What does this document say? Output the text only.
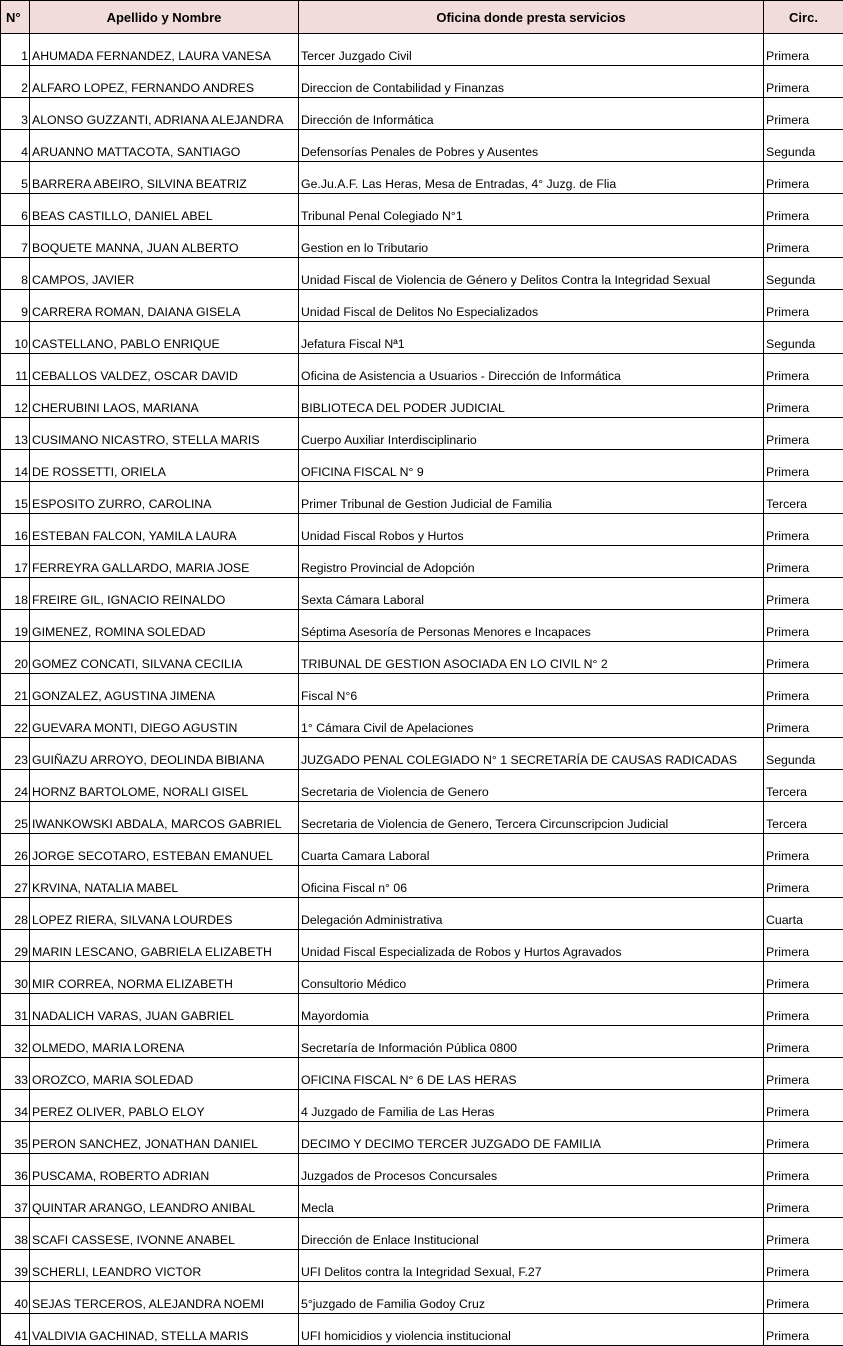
N°	Apellido y Nombre	Oficina donde presta servicios	Circ.
1	AHUMADA FERNANDEZ, LAURA VANESA	Tercer Juzgado Civil	Primera
2	ALFARO LOPEZ, FERNANDO ANDRES	Direccion de Contabilidad y Finanzas	Primera
3	ALONSO GUZZANTI, ADRIANA ALEJANDRA	Dirección de Informática	Primera
4	ARUANNO MATTACOTA, SANTIAGO	Defensorías Penales de Pobres y Ausentes	Segunda
5	BARRERA ABEIRO, SILVINA BEATRIZ	Ge.Ju.A.F. Las Heras, Mesa de Entradas, 4° Juzg. de Flia	Primera
6	BEAS CASTILLO, DANIEL ABEL	Tribunal Penal Colegiado N°1	Primera
7	BOQUETE MANNA, JUAN ALBERTO	Gestion en lo Tributario	Primera
8	CAMPOS, JAVIER	Unidad Fiscal de Violencia de Género y Delitos Contra la Integridad Sexual	Segunda
9	CARRERA ROMAN, DAIANA GISELA	Unidad Fiscal de Delitos No Especializados	Primera
10	CASTELLANO, PABLO ENRIQUE	Jefatura Fiscal Nª1	Segunda
11	CEBALLOS VALDEZ, OSCAR DAVID	Oficina de Asistencia a Usuarios - Dirección de Informática	Primera
12	CHERUBINI LAOS, MARIANA	BIBLIOTECA DEL PODER JUDICIAL	Primera
13	CUSIMANO NICASTRO, STELLA MARIS	Cuerpo Auxiliar Interdisciplinario	Primera
14	DE ROSSETTI, ORIELA	OFICINA FISCAL N° 9	Primera
15	ESPOSITO ZURRO, CAROLINA	Primer Tribunal de Gestion Judicial de Familia	Tercera
16	ESTEBAN FALCON, YAMILA LAURA	Unidad Fiscal Robos y Hurtos	Primera
17	FERREYRA GALLARDO, MARIA JOSE	Registro Provincial de Adopción	Primera
18	FREIRE GIL, IGNACIO REINALDO	Sexta Cámara Laboral	Primera
19	GIMENEZ, ROMINA SOLEDAD	Séptima Asesoría de Personas Menores e Incapaces	Primera
20	GOMEZ CONCATI, SILVANA CECILIA	TRIBUNAL DE GESTION ASOCIADA EN LO CIVIL N° 2	Primera
21	GONZALEZ, AGUSTINA JIMENA	Fiscal N°6	Primera
22	GUEVARA MONTI, DIEGO AGUSTIN	1° Cámara Civil de Apelaciones	Primera
23	GUIÑAZU ARROYO, DEOLINDA BIBIANA	JUZGADO PENAL COLEGIADO N° 1 SECRETARÍA DE CAUSAS RADICADAS	Segunda
24	HORNZ BARTOLOME, NORALI GISEL	Secretaria de Violencia de Genero	Tercera
25	IWANKOWSKI ABDALA, MARCOS GABRIEL	Secretaria de Violencia de Genero, Tercera Circunscripcion Judicial	Tercera
26	JORGE SECOTARO, ESTEBAN EMANUEL	Cuarta Camara Laboral	Primera
27	KRVINA, NATALIA MABEL	Oficina Fiscal n° 06	Primera
28	LOPEZ RIERA, SILVANA LOURDES	Delegación Administrativa	Cuarta
29	MARIN LESCANO, GABRIELA ELIZABETH	Unidad Fiscal Especializada de Robos y Hurtos Agravados	Primera
30	MIR CORREA, NORMA ELIZABETH	Consultorio Médico	Primera
31	NADALICH VARAS, JUAN GABRIEL	Mayordomia	Primera
32	OLMEDO, MARIA LORENA	Secretaría de Información Pública 0800	Primera
33	OROZCO, MARIA SOLEDAD	OFICINA FISCAL N° 6 DE LAS HERAS	Primera
34	PEREZ OLIVER, PABLO ELOY	4 Juzgado de Familia de Las Heras	Primera
35	PERON SANCHEZ, JONATHAN DANIEL	DECIMO Y DECIMO TERCER JUZGADO DE FAMILIA	Primera
36	PUSCAMA, ROBERTO ADRIAN	Juzgados de Procesos Concursales	Primera
37	QUINTAR ARANGO, LEANDRO ANIBAL	Mecla	Primera
38	SCAFI CASSESE, IVONNE ANABEL	Dirección de Enlace Institucional	Primera
39	SCHERLI, LEANDRO VICTOR	UFI Delitos contra la Integridad Sexual, F.27	Primera
40	SEJAS TERCEROS, ALEJANDRA NOEMI	5°juzgado de Familia Godoy Cruz	Primera
41	VALDIVIA GACHINAD, STELLA MARIS	UFI homicidios y violencia institucional	Primera
